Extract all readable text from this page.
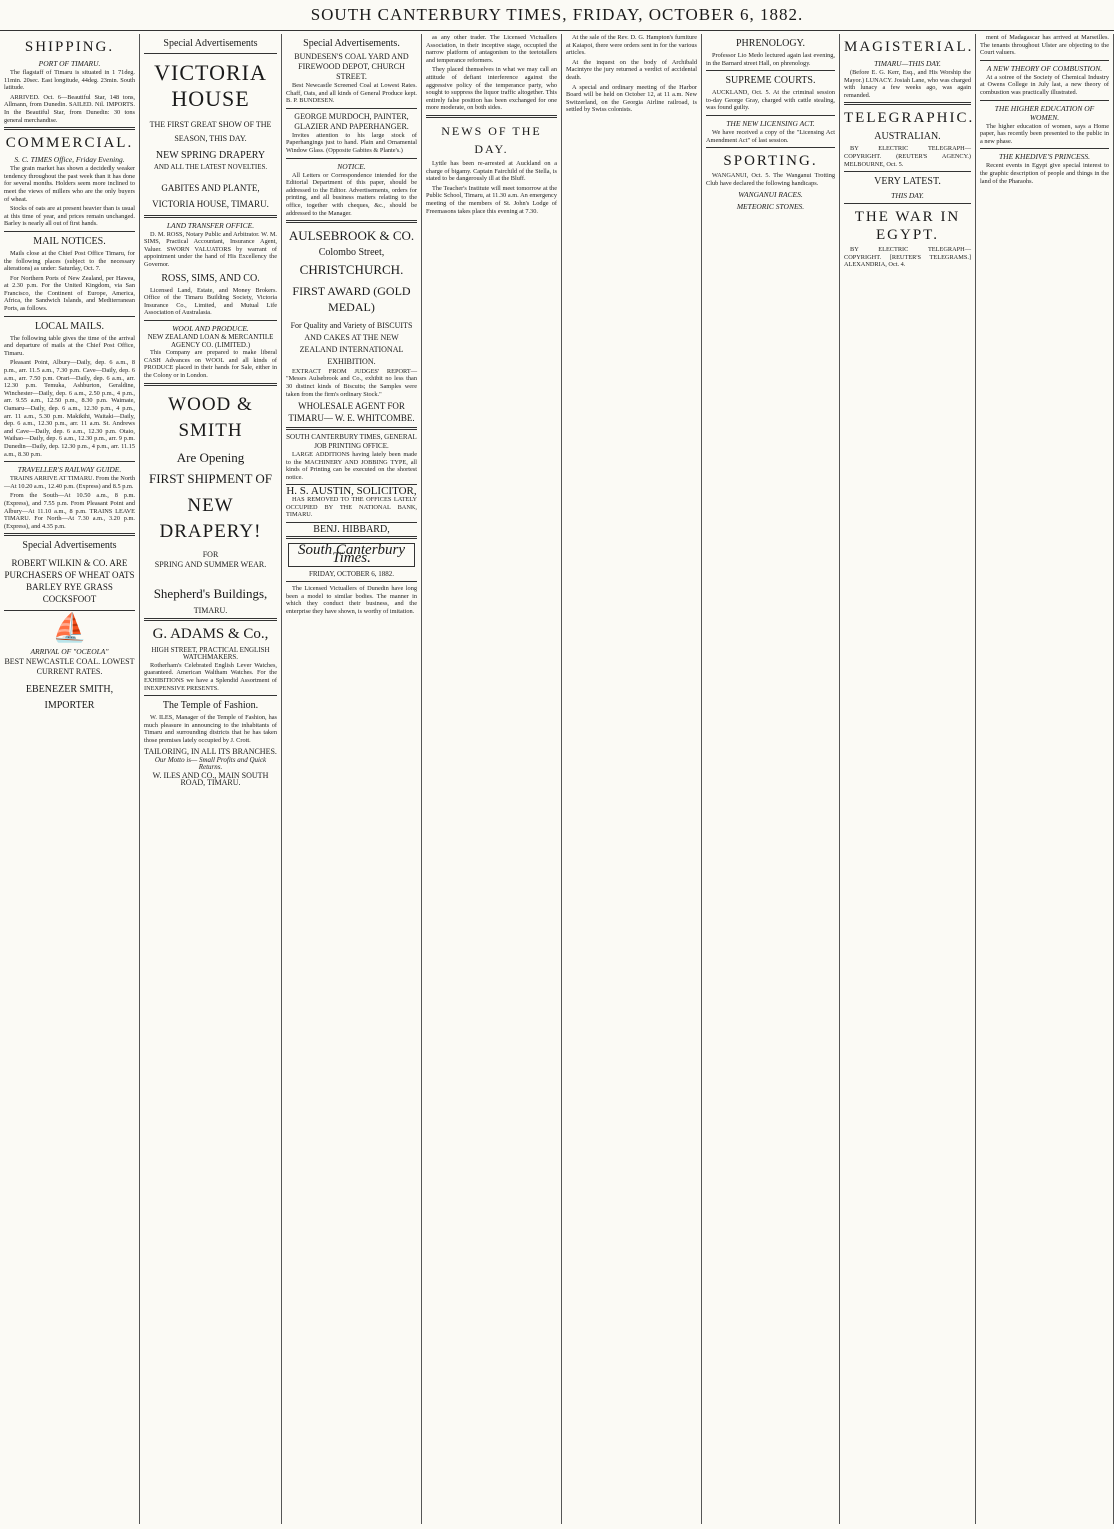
SOUTH CANTERBURY TIMES, FRIDAY, OCTOBER 6, 1882.
SHIPPING.
PORT OF TIMARU.

The flagstaff of Timaru is situated in 1 71deg. 11min. 20sec. East longitude, 44deg. 23min. South latitude.

ARRIVED. Oct. 6—Beautiful Star, 148 tons, Allmann, from Dunedin. SAILED. Nil. IMPORTS. In the Beautiful Star, from Dunedin: 30 tons general merchandise.

COMMERCIAL.
S. C. TIMES Office, Friday Evening.

The grain market has shown a decidedly weaker tendency throughout the past week than it has done for several months. Holders seem more inclined to meet the views of millers who are the only buyers of wheat.

Stocks of oats are at present heavier than is usual at this time of year, and prices remain unchanged. Barley is nearly all out of first hands.

MAIL NOTICES.

Mails close at the Chief Post Office Timaru, for the following places (subject to the necessary alterations) as under: Saturday, Oct. 7.

For Northern Ports of New Zealand, per Hawea, at 2.30 p.m. For the United Kingdom, via San Francisco, the Continent of Europe, America, Africa, the Sandwich Islands, and Mediterranean Ports, as follows.

LOCAL MAILS.

The following table gives the time of the arrival and departure of mails at the Chief Post Office, Timaru.

Pleasant Point, Albury—Daily, dep. 6 a.m., 8 p.m., arr. 11.5 a.m., 7.30 p.m. Cave—Daily, dep. 6 a.m., arr. 7.50 p.m. Orari—Daily, dep. 6 a.m., arr. 12.30 p.m. Temuka, Ashburton, Geraldine, Winchester—Daily, dep. 6 a.m., 2.50 p.m., 4 p.m., arr. 9.55 a.m., 12.50 p.m., 8.30 p.m. Waimate, Oamaru—Daily, dep. 6 a.m., 12.30 p.m., 4 p.m., arr. 11 a.m., 5.30 p.m. Makikihi, Waitaki—Daily, dep. 6 a.m., 12.30 p.m., arr. 11 a.m. St. Andrews and Cave—Daily, dep. 6 a.m., 12.30 p.m. Otaio, Waihao—Daily, dep. 6 a.m., 12.30 p.m., arr. 9 p.m. Dunedin—Daily, dep. 12.30 p.m., 4 p.m., arr. 11.15 a.m., 8.30 p.m.

TRAVELLER'S RAILWAY GUIDE.

TRAINS ARRIVE AT TIMARU. From the North—At 10.20 a.m., 12.40 p.m. (Express) and 8.5 p.m.

From the South—At 10.50 a.m., 8 p.m. (Express), and 7.55 p.m. From Pleasant Point and Albury—At 11.10 a.m., 8 p.m. TRAINS LEAVE TIMARU. For North—At 7.30 a.m., 3.20 p.m. (Express), and 4.35 p.m.

Special Advertisements
ROBERT WILKIN & CO. ARE PURCHASERS OF WHEAT OATS BARLEY RYE GRASS COCKSFOOT
⛵
ARRIVAL OF "OCEOLA"
BEST NEWCASTLE COAL. LOWEST CURRENT RATES.
EBENEZER SMITH, IMPORTER
Special Advertisements
VICTORIA HOUSE
THE FIRST GREAT SHOW OF THE SEASON, THIS DAY.
NEW SPRING DRAPERY
AND ALL THE LATEST NOVELTIES.
GABITES AND PLANTE, VICTORIA HOUSE, TIMARU.
LAND TRANSFER OFFICE.

D. M. ROSS, Notary Public and Arbitrator. W. M. SIMS, Practical Accountant, Insurance Agent, Valuer. SWORN VALUATORS by warrant of appointment under the hand of His Excellency the Governor.

ROSS, SIMS, AND CO.

Licensed Land, Estate, and Money Brokers. Office of the Timaru Building Society, Victoria Insurance Co., Limited, and Mutual Life Association of Australasia.

WOOL AND PRODUCE.
NEW ZEALAND LOAN & MERCANTILE AGENCY CO. (LIMITED.)

This Company are prepared to make liberal CASH Advances on WOOL and all kinds of PRODUCE placed in their hands for Sale, either in the Colony or in London.

WOOD & SMITH
Are Opening
FIRST SHIPMENT OF
NEW DRAPERY!
FOR
SPRING AND SUMMER WEAR.
Shepherd's Buildings,
TIMARU.
G. ADAMS & Co.,
HIGH STREET, PRACTICAL ENGLISH WATCHMAKERS.

Rotherham's Celebrated English Lever Watches, guaranteed. American Waltham Watches. For the EXHIBITIONS we have a Splendid Assortment of INEXPENSIVE PRESENTS.

The Temple of Fashion.

W. ILES, Manager of the Temple of Fashion, has much pleasure in announcing to the inhabitants of Timaru and surrounding districts that he has taken those premises lately occupied by J. Crott.

TAILORING, IN ALL ITS BRANCHES.
Our Motto is— Small Profits and Quick Returns.
W. ILES AND CO., MAIN SOUTH ROAD, TIMARU.
Special Advertisements.
BUNDESEN'S COAL YARD AND FIREWOOD DEPOT, CHURCH STREET.

Best Newcastle Screened Coal at Lowest Rates. Chaff, Oats, and all kinds of General Produce kept. B. P. BUNDESEN.

GEORGE MURDOCH, PAINTER, GLAZIER AND PAPERHANGER.

Invites attention to his large stock of Paperhangings just to hand. Plain and Ornamental Window Glass. (Opposite Gabites & Plante's.)

NOTICE.

All Letters or Correspondence intended for the Editorial Department of this paper, should be addressed to the Editor. Advertisements, orders for printing, and all business matters relating to the office, together with cheques, &c., should be addressed to the Manager.

AULSEBROOK & CO.
Colombo Street,
CHRISTCHURCH.
FIRST AWARD (GOLD MEDAL)
For Quality and Variety of BISCUITS AND CAKES AT THE NEW ZEALAND INTERNATIONAL EXHIBITION.

EXTRACT FROM JUDGES' REPORT— "Messrs Aulsebrook and Co., exhibit no less than 30 distinct kinds of Biscuits; the Samples were taken from the firm's ordinary Stock."

WHOLESALE AGENT FOR TIMARU— W. E. WHITCOMBE.
SOUTH CANTERBURY TIMES, GENERAL JOB PRINTING OFFICE.

LARGE ADDITIONS having lately been made to the MACHINERY AND JOBBING TYPE, all kinds of Printing can be executed on the shortest notice.

H. S. AUSTIN, SOLICITOR,

HAS REMOVED TO THE OFFICES LATELY OCCUPIED BY THE NATIONAL BANK, TIMARU.

BENJ. HIBBARD,
South Canterbury Times.
FRIDAY, OCTOBER 6, 1882.

The Licensed Victuallers of Dunedin have long been a model to similar bodies. The manner in which they conduct their business, and the enterprise they have shown, is worthy of imitation.

as any other trader. The Licensed Victuallers Association, in their inceptive stage, occupied the narrow platform of antagonism to the teetotallers and temperance reformers.

They placed themselves in what we may call an attitude of defiant interference against the aggressive policy of the temperance party, who sought to suppress the liquor traffic altogether. This entirely false position has been exchanged for one more moderate, on both sides.

NEWS OF THE DAY.

Lyttle has been re-arrested at Auckland on a charge of bigamy. Captain Fairchild of the Stella, is stated to be dangerously ill at the Bluff.

The Teacher's Institute will meet tomorrow at the Public School, Timaru, at 11.30 a.m. An emergency meeting of the members of St. John's Lodge of Freemasons takes place this evening at 7.30.

At the sale of the Rev. D. G. Hampton's furniture at Kaiapoi, there were orders sent in for the various articles.

At the inquest on the body of Archibald Macintyre the jury returned a verdict of accidental death.

A special and ordinary meeting of the Harbor Board will be held on October 12, at 11 a.m. New Switzerland, on the Georgia Airline railroad, is settled by Swiss colonists.

PHRENOLOGY.

Professor Lio Medo lectured again last evening, in the Barnard street Hall, on phrenology.

SUPREME COURTS.

AUCKLAND, Oct. 5. At the criminal session to-day George Gray, charged with cattle stealing, was found guilty.

THE NEW LICENSING ACT.

We have received a copy of the "Licensing Act Amendment Act" of last session.

SPORTING.

WANGANUI, Oct. 5. The Wanganui Trotting Club have declared the following handicaps.

WANGANUI RACES.
METEORIC STONES.
MAGISTERIAL.
TIMARU—THIS DAY.

(Before E. G. Kerr, Esq., and His Worship the Mayor.) LUNACY. Josiah Lane, who was charged with lunacy a few weeks ago, was again remanded.

TELEGRAPHIC.
AUSTRALIAN.

BY ELECTRIC TELEGRAPH—COPYRIGHT. (REUTER'S AGENCY.) MELBOURNE, Oct. 5.

VERY LATEST.
THIS DAY.
THE WAR IN EGYPT.

BY ELECTRIC TELEGRAPH—COPYRIGHT. [REUTER'S TELEGRAMS.] ALEXANDRIA, Oct. 4.

ment of Madagascar has arrived at Marseilles. The tenants throughout Ulster are objecting to the Court valuers.

A NEW THEORY OF COMBUSTION.

At a soiree of the Society of Chemical Industry at Owens College in July last, a new theory of combustion was practically illustrated.

THE HIGHER EDUCATION OF WOMEN.

The higher education of women, says a Home paper, has recently been presented to the public in a new phase.

THE KHEDIVE'S PRINCESS.

Recent events in Egypt give special interest to the graphic description of people and things in the land of the Pharaohs.
